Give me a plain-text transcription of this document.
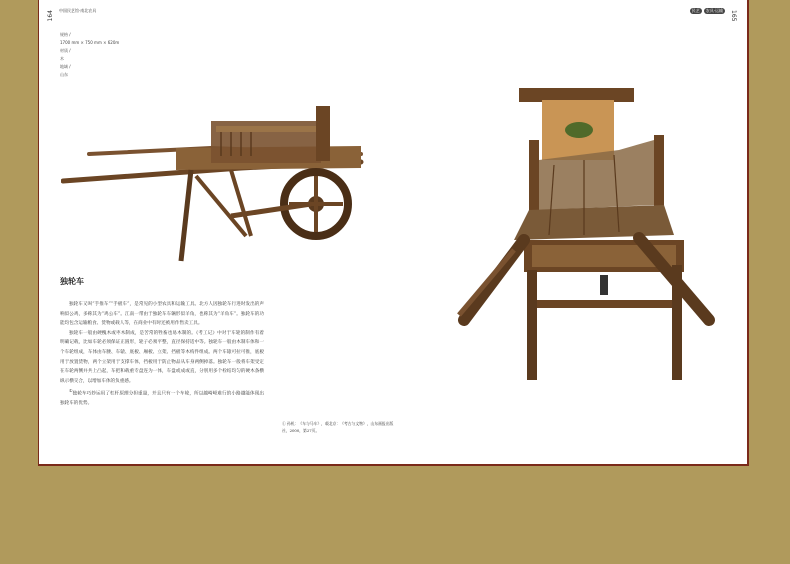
164 中国民艺馆·南北农具	民艺	农具·运输	165
规格 /
1700 mm × 750 mm × 620m
材质 /
木
地域 /
山东
独轮车

独轮车又叫“手推车”“手板车”，是常见的小型农具和运输工具。北方人因独轮车行进时发出的声响似公鸡，多称其为“鸡公车”。江南一带由于独轮车车辆形似羊角，也称其为“羊角车”。独轮车的功能均包含运输粮食、货物或载人等，在商业中有时还被用作售卖工具。

独轮车一般由硬槐木或枣木制成，是苦常的牲畜也易木制的。《考工记》中对于车轮的制作有着明确记载，比如车轮必须保证正圆形，轮子必须平整，直径保持适中等。独轮车一般由木制车体和一个车轮组成，车体由车腰、车辕、底板、厢板、立架、挡板等木构件组成。两个车辕可拉可推，底板用于放置货物，两个立架用于支撑车体，挡板用于防止物品从车身两侧掉落。独轮车一般将车架受定在车轮两侧并共上凸起，车把和载重专盘连为一体，车盘或成或直，分别用多个栓结均匀的硬木条横纵示横交合，以增加车体的负重感。

①独轮车巧妙运用了杠杆原理分担重量，并且只有一个车轮，所以越崎岖难行的小路越能体现出独轮车的优势。

① 孙机：《车与马车》，载北京：《考古与文物》，山东画报出版社，2000，第27页。
